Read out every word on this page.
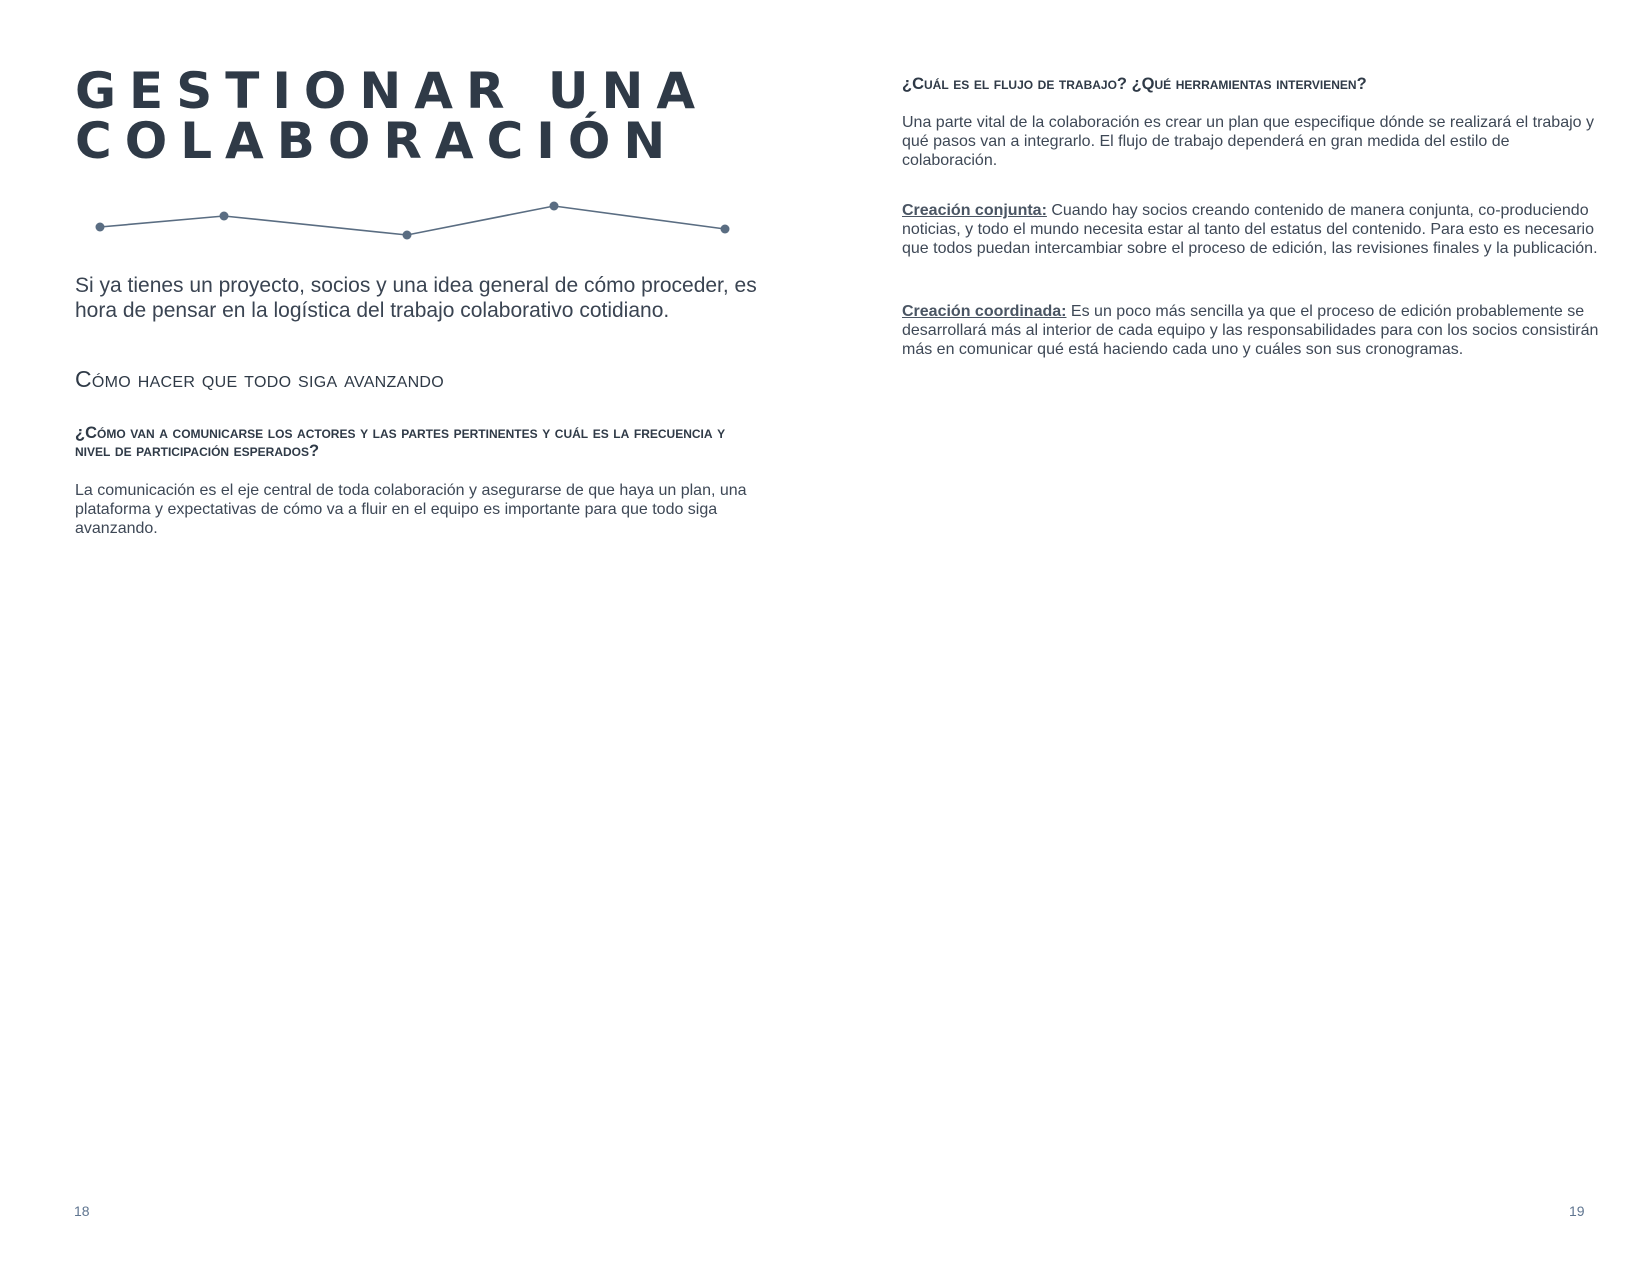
GESTIONAR UNA
COLABORACIÓN

Si ya tienes un proyecto, socios y una idea general de cómo proceder, es hora de pensar en la logística del trabajo colaborativo cotidiano.

Cómo hacer que todo siga avanzando
¿Cómo van a comunicarse los actores y las partes pertinentes y cuál es la frecuencia y nivel de participación esperados?

La comunicación es el eje central de toda colaboración y asegurarse de que haya un plan, una plataforma y expectativas de cómo va a fluir en el equipo es importante para que todo siga avanzando.

18

¿Cuál es el flujo de trabajo? ¿Qué herramientas intervienen?

Una parte vital de la colaboración es crear un plan que especifique dónde se realizará el trabajo y qué pasos van a integrarlo. El flujo de trabajo dependerá en gran medida del estilo de colaboración.

Creación conjunta: Cuando hay socios creando contenido de manera conjunta, co-produciendo noticias, y todo el mundo necesita estar al tanto del estatus del contenido. Para esto es necesario que todos puedan intercambiar sobre el proceso de edición, las revisiones finales y la publicación.

Creación coordinada: Es un poco más sencilla ya que el proceso de edición probablemente se desarrollará más al interior de cada equipo y las responsabilidades para con los socios consistirán más en comunicar qué está haciendo cada uno y cuáles son sus cronogramas.

19
